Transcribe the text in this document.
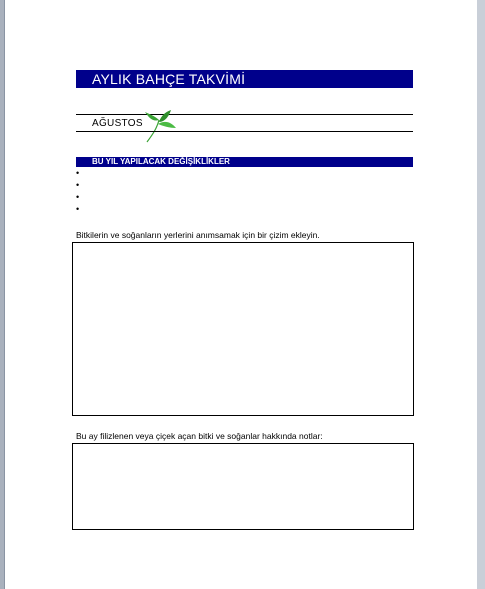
AYLIK BAHÇE TAKVİMİ
AĞUSTOS
BU YIL YAPILACAK DEĞİŞİKLİKLER
•
•
•
•
Bitkilerin ve soğanların yerlerini anımsamak için bir çizim ekleyin.
Bu ay filizlenen veya çiçek açan bitki ve soğanlar hakkında notlar:
